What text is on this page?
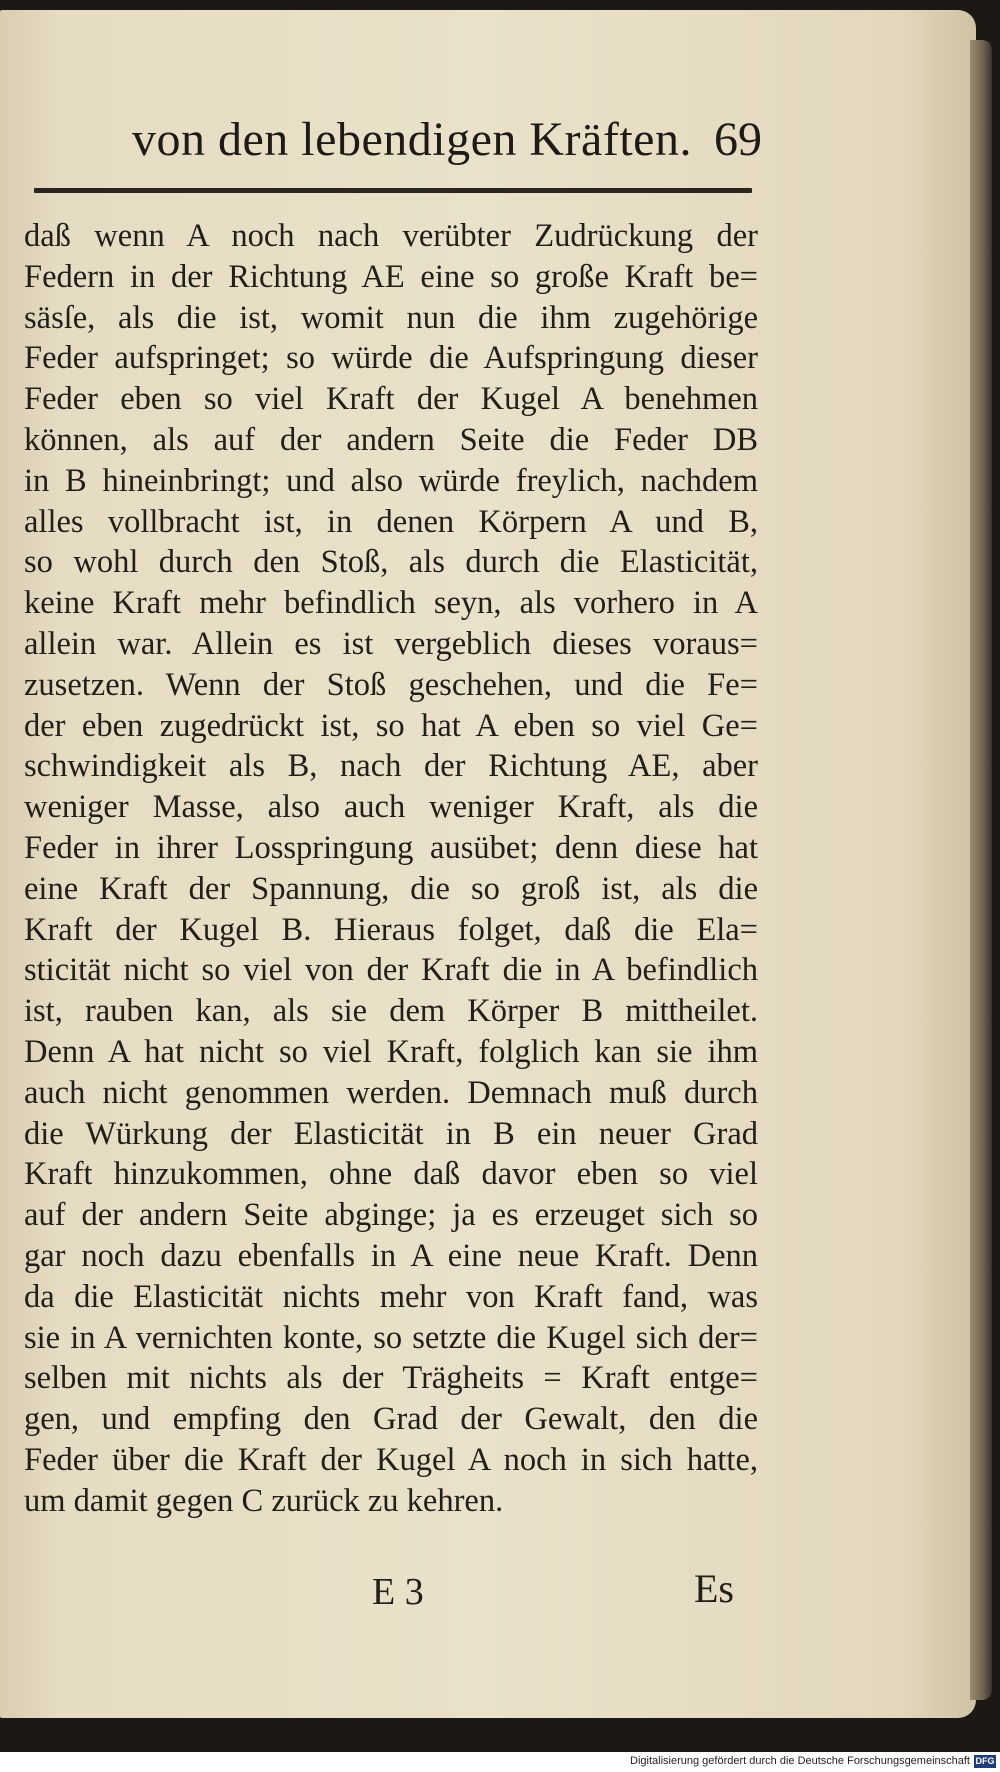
von den lebendigen Kräften. 69
daß wenn A noch nach verübter Zudrückung der
Federn in der Richtung AE eine so große Kraft be=
säsſe, als die ist, womit nun die ihm zugehörige
Feder aufspringet; so würde die Aufspringung dieser
Feder eben so viel Kraft der Kugel A benehmen
können, als auf der andern Seite die Feder DB
in B hineinbringt; und also würde freylich, nachdem
alles vollbracht ist, in denen Körpern A und B,
so wohl durch den Stoß, als durch die Elasticität,
keine Kraft mehr befindlich seyn, als vorhero in A
allein war. Allein es ist vergeblich dieses voraus=
zusetzen. Wenn der Stoß geschehen, und die Fe=
der eben zugedrückt ist, so hat A eben so viel Ge=
schwindigkeit als B, nach der Richtung AE, aber
weniger Masse, also auch weniger Kraft, als die
Feder in ihrer Losspringung ausübet; denn diese hat
eine Kraft der Spannung, die so groß ist, als die
Kraft der Kugel B. Hieraus folget, daß die Ela=
sticität nicht so viel von der Kraft die in A befindlich
ist, rauben kan, als sie dem Körper B mittheilet.
Denn A hat nicht so viel Kraft, folglich kan sie ihm
auch nicht genommen werden. Demnach muß durch
die Würkung der Elasticität in B ein neuer Grad
Kraft hinzukommen, ohne daß davor eben so viel
auf der andern Seite abginge; ja es erzeuget sich so
gar noch dazu ebenfalls in A eine neue Kraft. Denn
da die Elasticität nichts mehr von Kraft fand, was
sie in A vernichten konte, so setzte die Kugel sich der=
selben mit nichts als der Trägheits = Kraft entge=
gen, und empfing den Grad der Gewalt, den die
Feder über die Kraft der Kugel A noch in sich hatte,
um damit gegen C zurück zu kehren.
E 3	Es
Digitalisierung gefördert durch die Deutsche Forschungsgemeinschaft DFG
